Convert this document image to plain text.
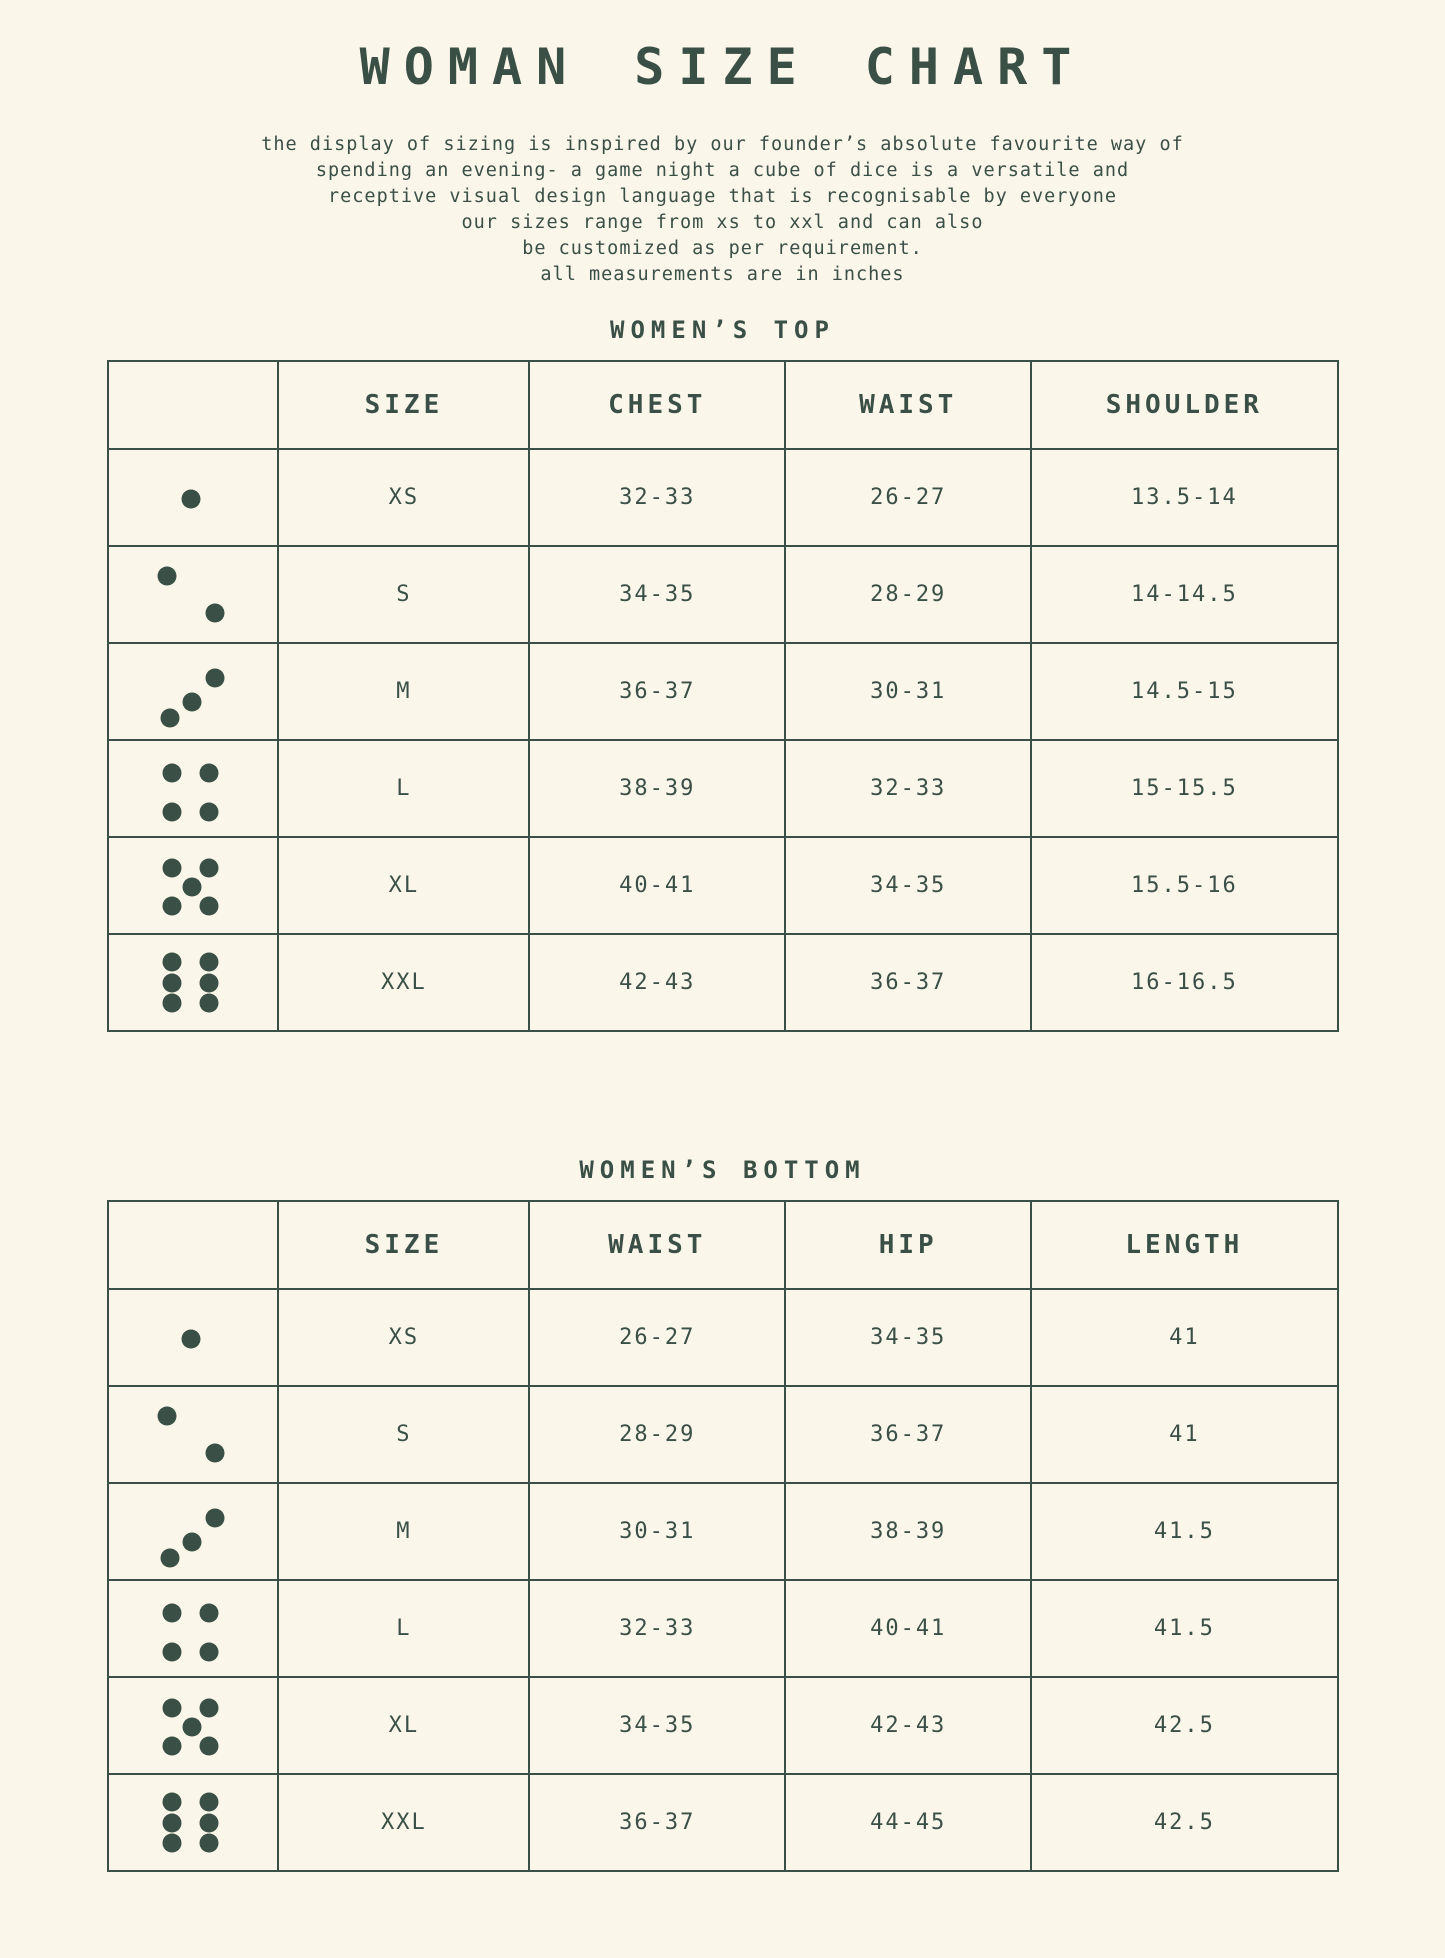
WOMAN SIZE CHART
the display of sizing is inspired by our founder’s absolute favourite way of
spending an evening- a game night a cube of dice is a versatile and
receptive visual design language that is recognisable by everyone
our sizes range from xs to xxl and can also
be customized as per requirement.
all measurements are in inches
WOMEN’S TOP
	SIZE	CHEST	WAIST	SHOULDER

	XS	32-33	26-27	13.5-14

	S	34-35	28-29	14-14.5

	M	36-37	30-31	14.5-15

	L	38-39	32-33	15-15.5

	XL	40-41	34-35	15.5-16

	XXL	42-43	36-37	16-16.5
WOMEN’S BOTTOM
	SIZE	WAIST	HIP	LENGTH

	XS	26-27	34-35	41

	S	28-29	36-37	41

	M	30-31	38-39	41.5

	L	32-33	40-41	41.5

	XL	34-35	42-43	42.5

	XXL	36-37	44-45	42.5
